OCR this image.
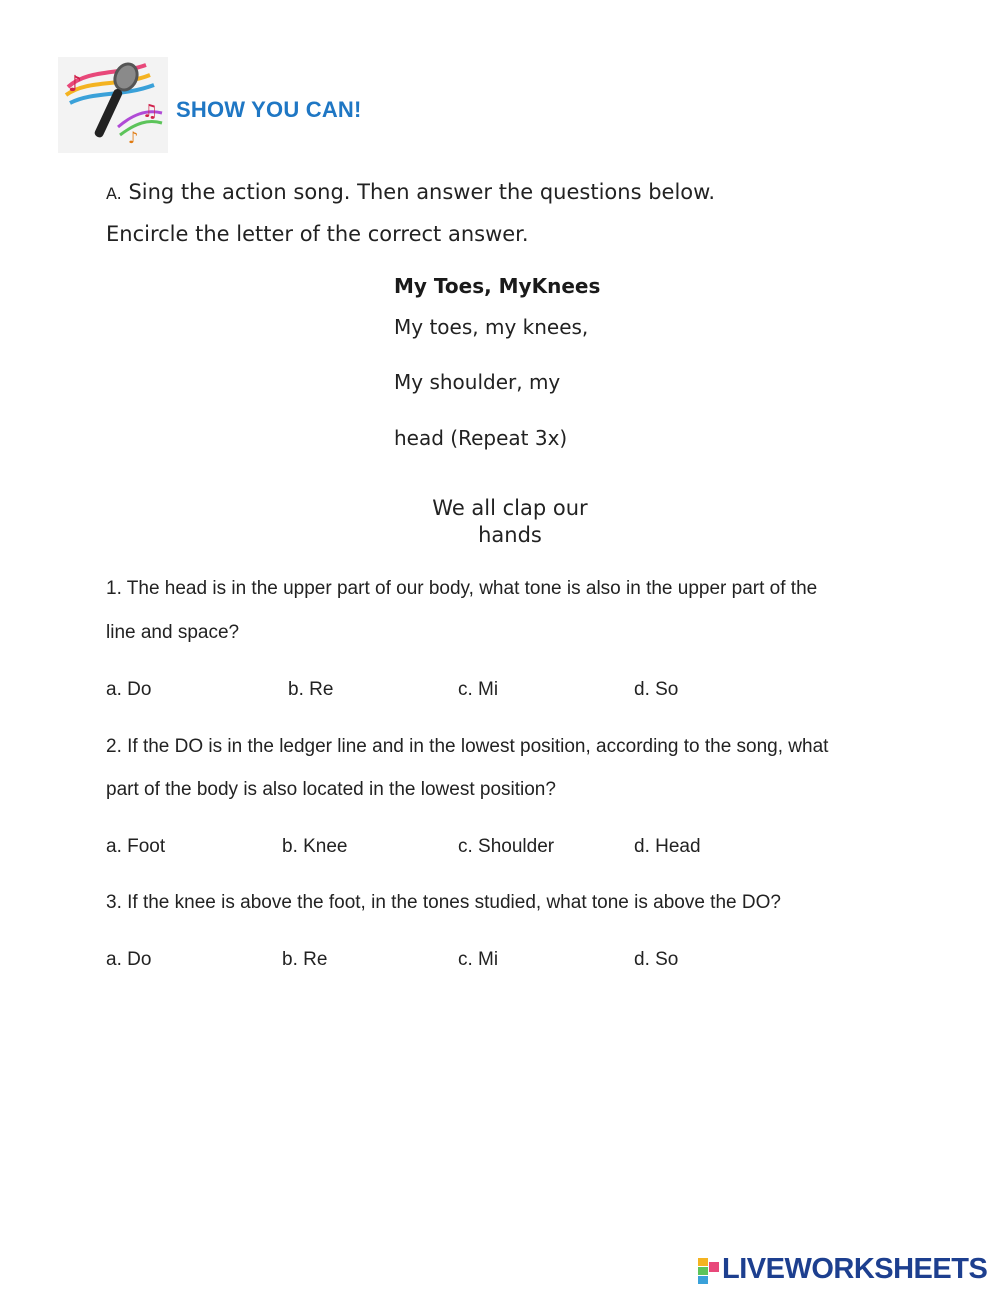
♪
♫
♪
SHOW YOU CAN!
A. Sing the action song. Then answer the questions below.
Encircle the letter of the correct answer.
My Toes, MyKnees
My toes, my knees,
My shoulder, my
head (Repeat 3x)
We all clap our
hands
1. The head is in the upper part of our body, what tone is also in the upper part of the
line and space?
a. Do	b. Re	c. Mi	d. So
2. If the DO is in the ledger line and in the lowest position, according to the song, what
part of the body is also located in the lowest position?
a. Foot	b. Knee	c. Shoulder	d. Head
3. If the knee is above the foot, in the tones studied, what tone is above the DO?
a. Do	b. Re	c. Mi	d. So
LIVEWORKSHEETS
